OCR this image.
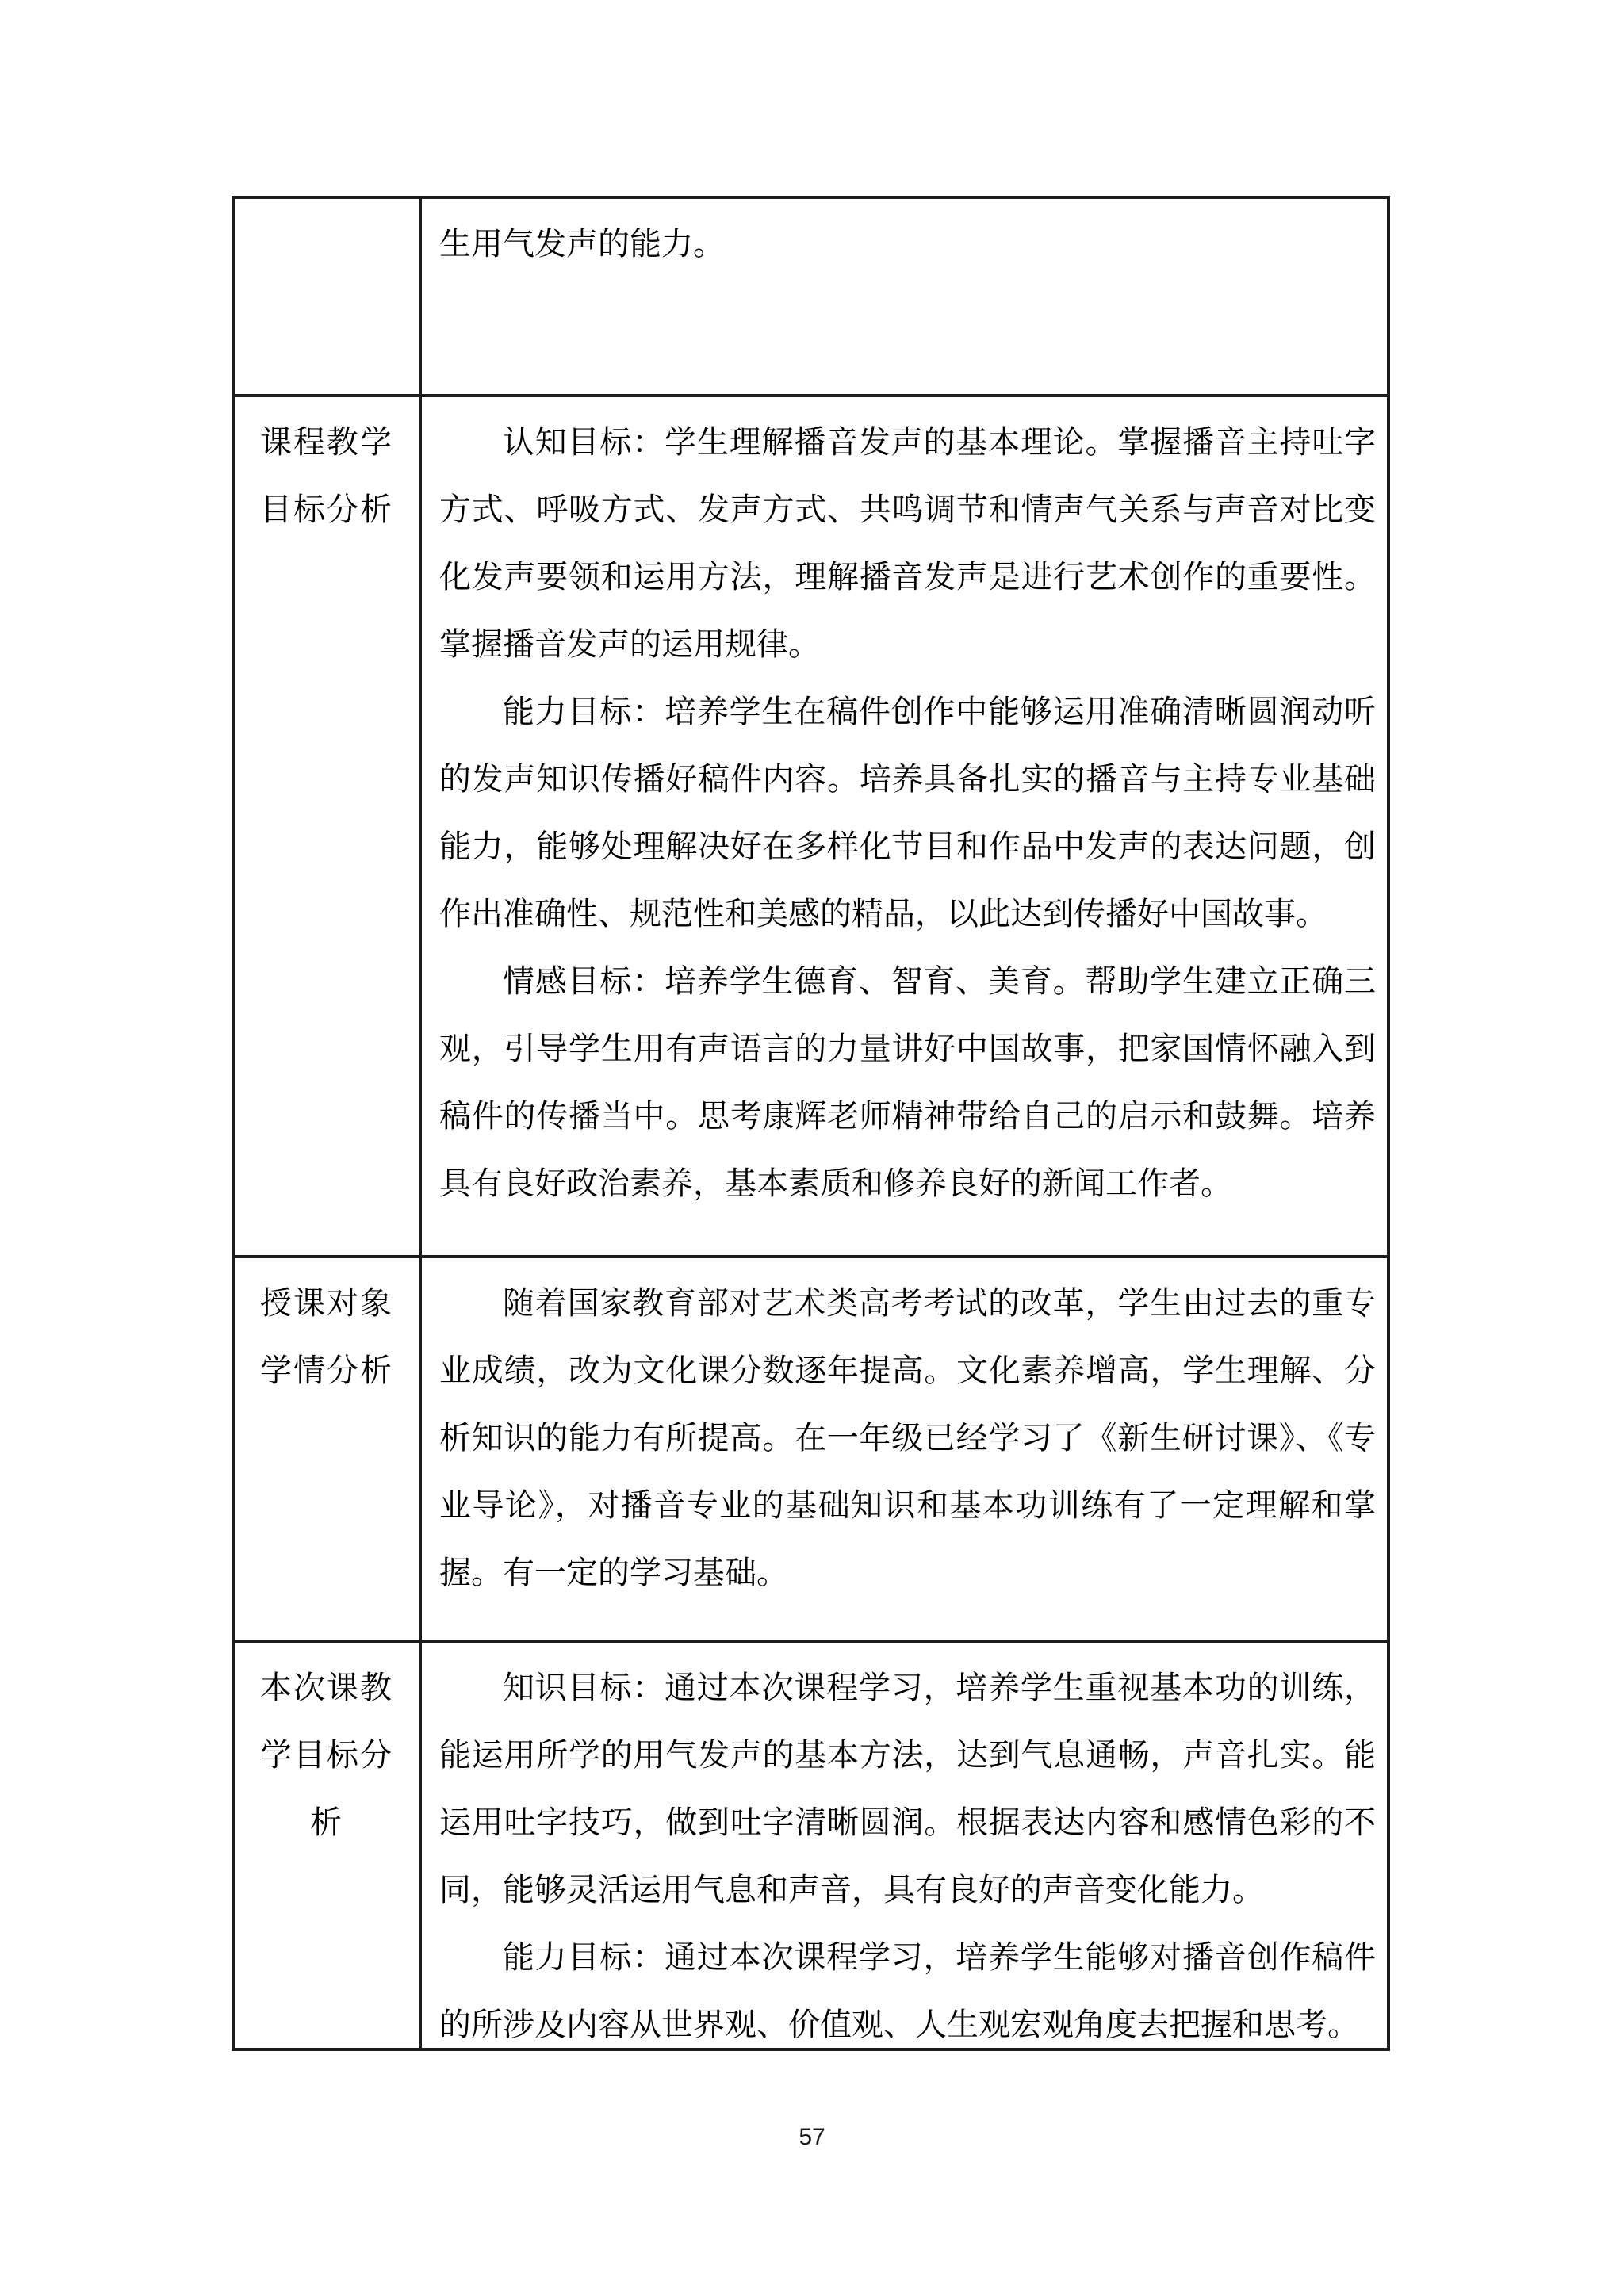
生用气发声的能力。

课程教学
目标分析

认知目标：学生理解播音发声的基本理论。掌握播音主持吐字方式、呼吸方式、发声方式、共鸣调节和情声气关系与声音对比变化发声要领和运用方法，理解播音发声是进行艺术创作的重要性。掌握播音发声的运用规律。

能力目标：培养学生在稿件创作中能够运用准确清晰圆润动听的发声知识传播好稿件内容。培养具备扎实的播音与主持专业基础能力，能够处理解决好在多样化节目和作品中发声的表达问题，创作出准确性、规范性和美感的精品，以此达到传播好中国故事。

情感目标：培养学生德育、智育、美育。帮助学生建立正确三观，引导学生用有声语言的力量讲好中国故事，把家国情怀融入到稿件的传播当中。思考康辉老师精神带给自己的启示和鼓舞。培养具有良好政治素养，基本素质和修养良好的新闻工作者。

授课对象
学情分析

随着国家教育部对艺术类高考考试的改革，学生由过去的重专业成绩，改为文化课分数逐年提高。文化素养增高，学生理解、分析知识的能力有所提高。在一年级已经学习了《新生研讨课》、《专业导论》，对播音专业的基础知识和基本功训练有了一定理解和掌握。有一定的学习基础。

本次课教
学目标分
析

知识目标：通过本次课程学习，培养学生重视基本功的训练，能运用所学的用气发声的基本方法，达到气息通畅，声音扎实。能运用吐字技巧，做到吐字清晰圆润。根据表达内容和感情色彩的不同，能够灵活运用气息和声音，具有良好的声音变化能力。

能力目标：通过本次课程学习，培养学生能够对播音创作稿件的所涉及内容从世界观、价值观、人生观宏观角度去把握和思考。

57
